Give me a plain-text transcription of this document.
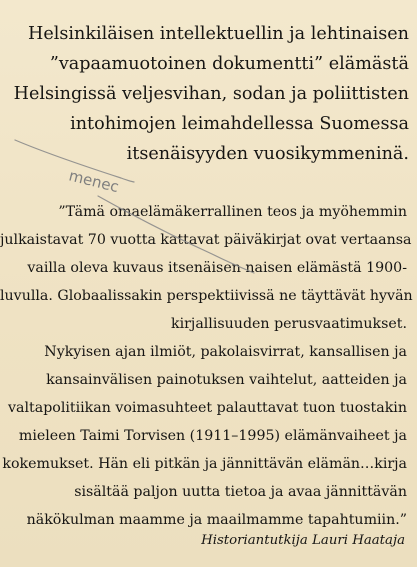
Helsinkiläisen intellektuellin ja lehtinaisen
”vapaamuotoinen dokumentti” elämästä
Helsingissä veljesvihan, sodan ja poliittisten
intohimojen leimahdellessa Suomessa
itsenäisyyden vuosikymmeninä.
”Tämä omaelämäkerrallinen teos ja myöhemmin
julkaistavat 70 vuotta kattavat päiväkirjat ovat vertaansa
vailla oleva kuvaus itsenäisen naisen elämästä 1900-
luvulla. Globaalissakin perspektiivissä ne täyttävät hyvän
kirjallisuuden perusvaatimukset.
Nykyisen ajan ilmiöt, pakolaisvirrat, kansallisen ja
kansainvälisen painotuksen vaihtelut, aatteiden ja
valtapolitiikan voimasuhteet palauttavat tuon tuostakin
mieleen Taimi Torvisen (1911–1995) elämänvaiheet ja
kokemukset. Hän eli pitkän ja jännittävän elämän…kirja
sisältää paljon uutta tietoa ja avaa jännittävän
näkökulman maamme ja maailmamme tapahtumiin.”
Historiantutkija Lauri Haataja
menec
